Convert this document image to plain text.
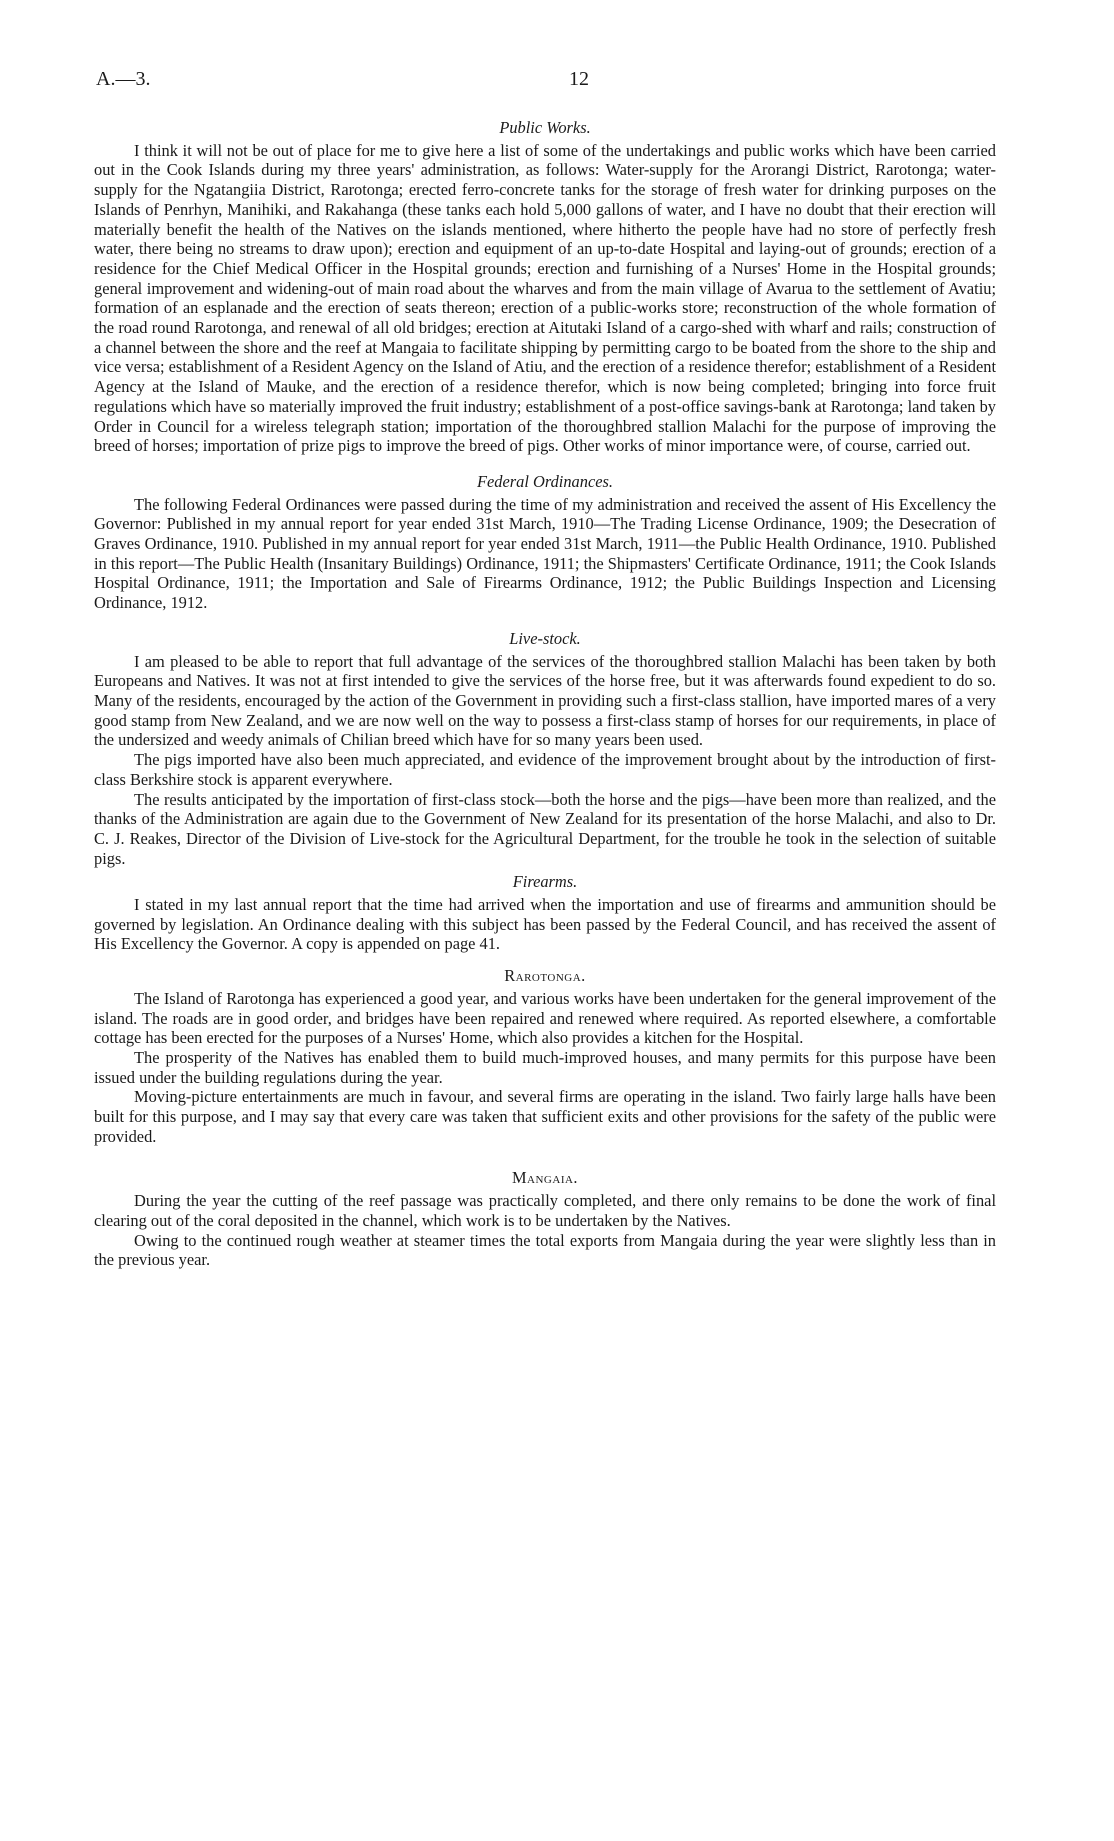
A.—3.	12
Public Works.

I think it will not be out of place for me to give here a list of some of the undertakings and public works which have been carried out in the Cook Islands during my three years' administration, as follows: Water-supply for the Arorangi District, Rarotonga; water-supply for the Ngatangiia District, Rarotonga; erected ferro-concrete tanks for the storage of fresh water for drinking purposes on the Islands of Penrhyn, Manihiki, and Rakahanga (these tanks each hold 5,000 gallons of water, and I have no doubt that their erection will materially benefit the health of the Natives on the islands mentioned, where hitherto the people have had no store of perfectly fresh water, there being no streams to draw upon); erection and equipment of an up-to-date Hospital and laying-out of grounds; erection of a residence for the Chief Medical Officer in the Hospital grounds; erection and furnishing of a Nurses' Home in the Hospital grounds; general improvement and widening-out of main road about the wharves and from the main village of Avarua to the settlement of Avatiu; formation of an esplanade and the erection of seats thereon; erection of a public-works store; reconstruction of the whole formation of the road round Rarotonga, and renewal of all old bridges; erection at Aitutaki Island of a cargo-shed with wharf and rails; construction of a channel between the shore and the reef at Mangaia to facilitate shipping by permitting cargo to be boated from the shore to the ship and vice versa; establishment of a Resident Agency on the Island of Atiu, and the erection of a residence therefor; establishment of a Resident Agency at the Island of Mauke, and the erection of a residence therefor, which is now being completed; bringing into force fruit regulations which have so materially improved the fruit industry; establishment of a post-office savings-bank at Rarotonga; land taken by Order in Council for a wireless telegraph station; importation of the thoroughbred stallion Malachi for the purpose of improving the breed of horses; importation of prize pigs to improve the breed of pigs. Other works of minor importance were, of course, carried out.

Federal Ordinances.

The following Federal Ordinances were passed during the time of my administration and received the assent of His Excellency the Governor: Published in my annual report for year ended 31st March, 1910—The Trading License Ordinance, 1909; the Desecration of Graves Ordinance, 1910. Published in my annual report for year ended 31st March, 1911—the Public Health Ordinance, 1910. Published in this report—The Public Health (Insanitary Buildings) Ordinance, 1911; the Shipmasters' Certificate Ordinance, 1911; the Cook Islands Hospital Ordinance, 1911; the Importation and Sale of Firearms Ordinance, 1912; the Public Buildings Inspection and Licensing Ordinance, 1912.

Live-stock.

I am pleased to be able to report that full advantage of the services of the thoroughbred stallion Malachi has been taken by both Europeans and Natives. It was not at first intended to give the services of the horse free, but it was afterwards found expedient to do so. Many of the residents, encouraged by the action of the Government in providing such a first-class stallion, have imported mares of a very good stamp from New Zealand, and we are now well on the way to possess a first-class stamp of horses for our requirements, in place of the undersized and weedy animals of Chilian breed which have for so many years been used.

The pigs imported have also been much appreciated, and evidence of the improvement brought about by the introduction of first-class Berkshire stock is apparent everywhere.

The results anticipated by the importation of first-class stock—both the horse and the pigs—have been more than realized, and the thanks of the Administration are again due to the Government of New Zealand for its presentation of the horse Malachi, and also to Dr. C. J. Reakes, Director of the Division of Live-stock for the Agricultural Department, for the trouble he took in the selection of suitable pigs.

Firearms.

I stated in my last annual report that the time had arrived when the importation and use of firearms and ammunition should be governed by legislation. An Ordinance dealing with this subject has been passed by the Federal Council, and has received the assent of His Excellency the Governor. A copy is appended on page 41.

Rarotonga.

The Island of Rarotonga has experienced a good year, and various works have been undertaken for the general improvement of the island. The roads are in good order, and bridges have been repaired and renewed where required. As reported elsewhere, a comfortable cottage has been erected for the purposes of a Nurses' Home, which also provides a kitchen for the Hospital.

The prosperity of the Natives has enabled them to build much-improved houses, and many permits for this purpose have been issued under the building regulations during the year.

Moving-picture entertainments are much in favour, and several firms are operating in the island. Two fairly large halls have been built for this purpose, and I may say that every care was taken that sufficient exits and other provisions for the safety of the public were provided.

Mangaia.

During the year the cutting of the reef passage was practically completed, and there only remains to be done the work of final clearing out of the coral deposited in the channel, which work is to be undertaken by the Natives.

Owing to the continued rough weather at steamer times the total exports from Mangaia during the year were slightly less than in the previous year.
